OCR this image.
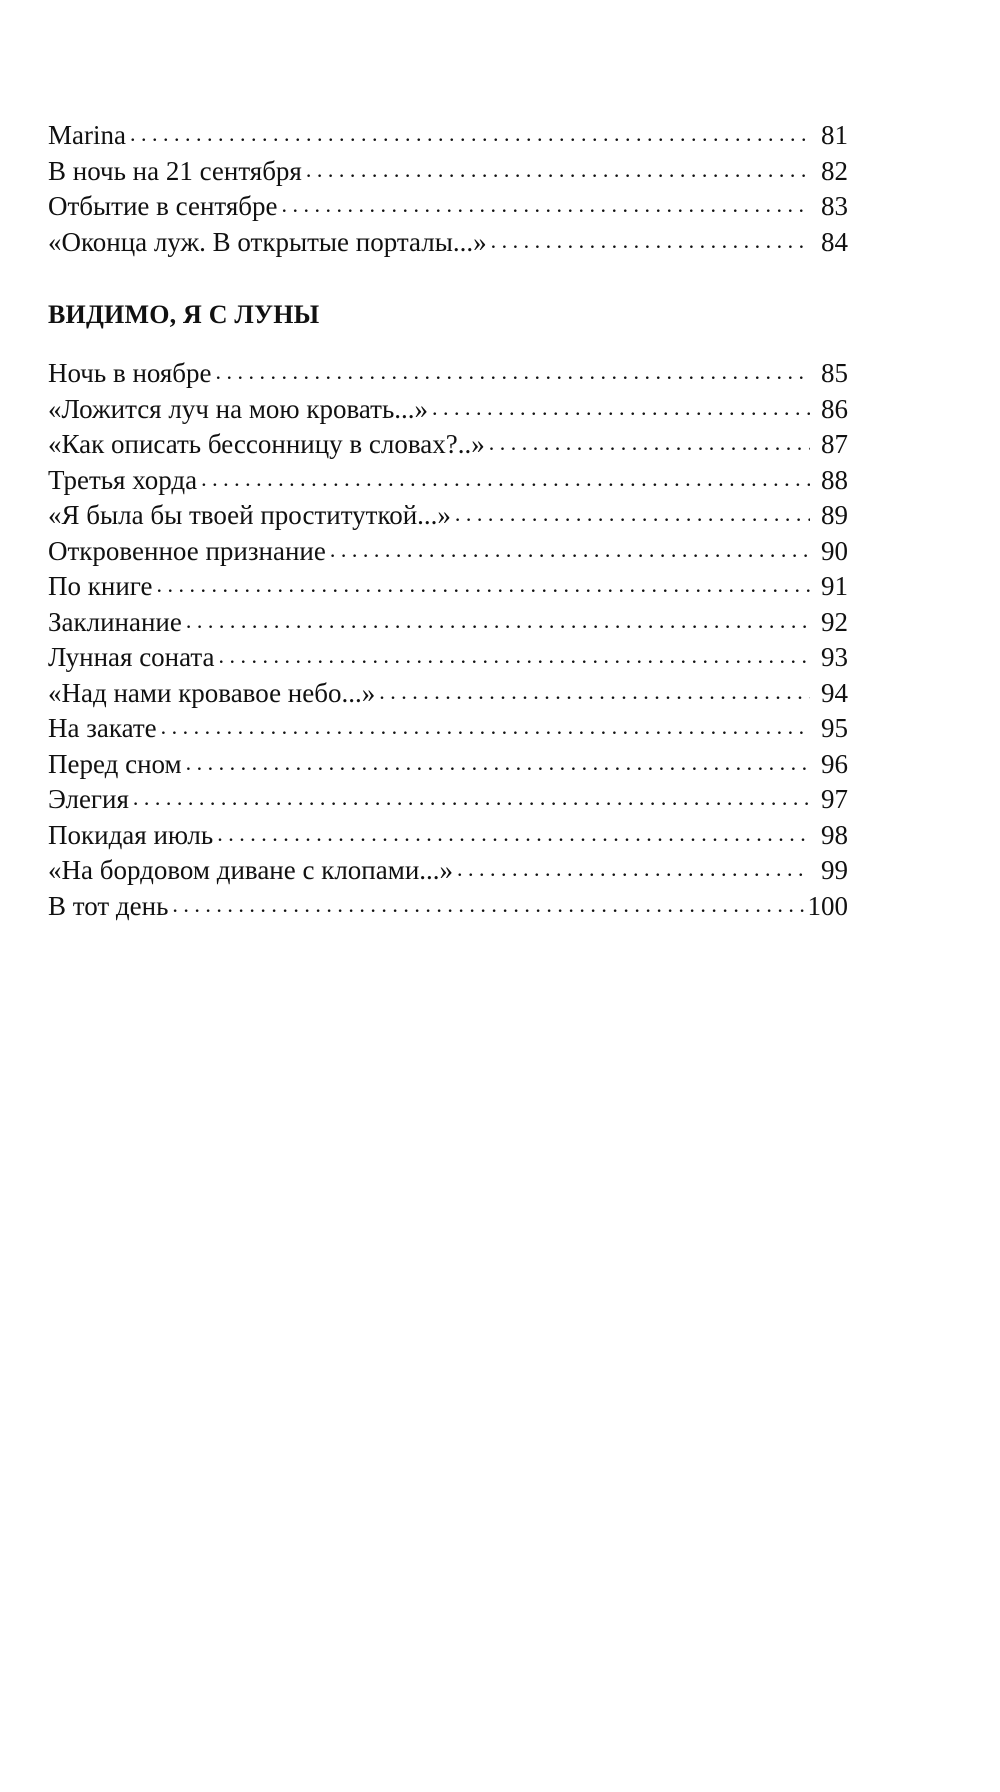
Marina . . .	81
В ночь на 21 сентября . . .	82
Отбытие в сентябре . . .	83
«Оконца луж. В открытые порталы...» . . .	84
ВИДИМО, Я С ЛУНЫ
Ночь в ноябре . . .	85
«Ложится луч на мою кровать...» . . .	86
«Как описать бессонницу в словах?..» . . .	87
Третья хорда . . .	88
«Я была бы твоей проституткой...» . . .	89
Откровенное признание . . .	90
По книге . . .	91
Заклинание . . .	92
Лунная соната . . .	93
«Над нами кровавое небо...» . . .	94
На закате . . .	95
Перед сном . . .	96
Элегия . . .	97
Покидая июль . . .	98
«На бордовом диване с клопами...» . . .	99
В тот день . . .	100
